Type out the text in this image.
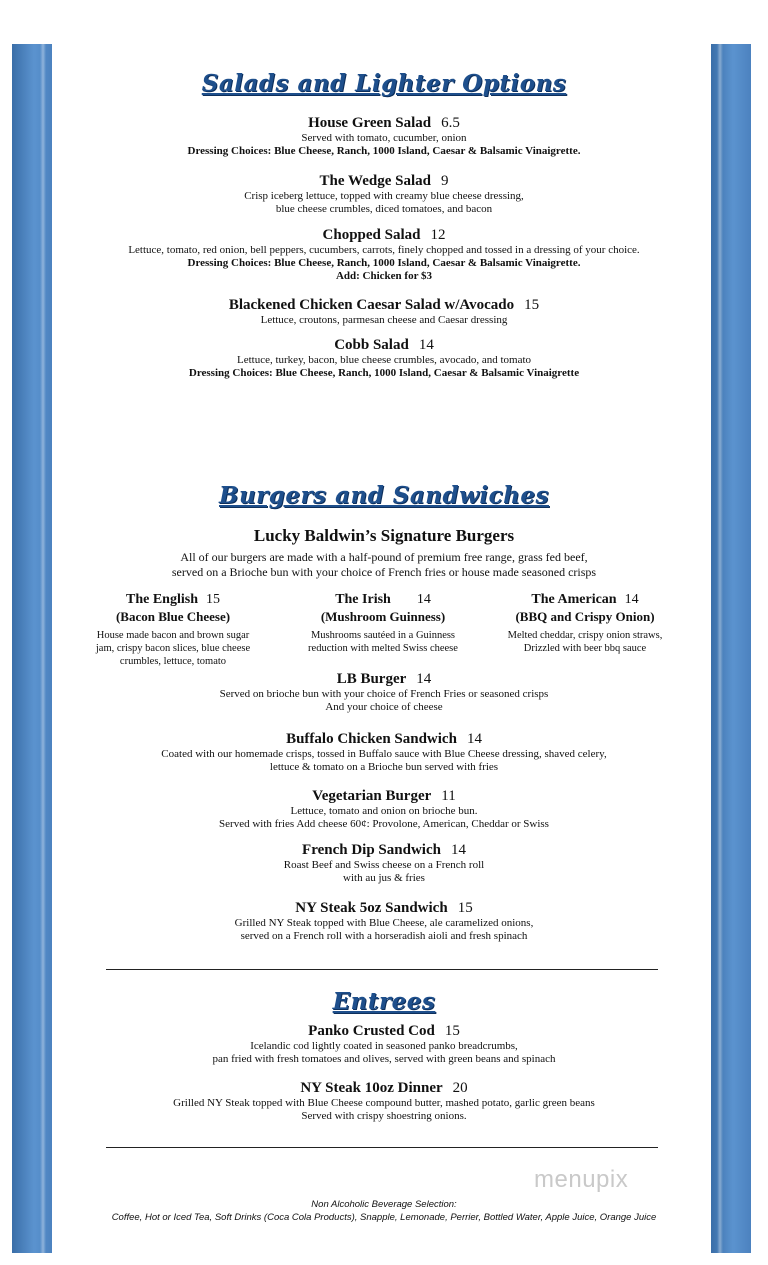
Salads and Lighter Options
House Green Salad 6.5
Served with tomato, cucumber, onion
Dressing Choices: Blue Cheese, Ranch, 1000 Island, Caesar & Balsamic Vinaigrette.
The Wedge Salad 9
Crisp iceberg lettuce, topped with creamy blue cheese dressing,
blue cheese crumbles, diced tomatoes, and bacon
Chopped Salad 12
Lettuce, tomato, red onion, bell peppers, cucumbers, carrots, finely chopped and tossed in a dressing of your choice.
Dressing Choices: Blue Cheese, Ranch, 1000 Island, Caesar & Balsamic Vinaigrette.
Add: Chicken for $3
Blackened Chicken Caesar Salad w/Avocado 15
Lettuce, croutons, parmesan cheese and Caesar dressing
Cobb Salad 14
Lettuce, turkey, bacon, blue cheese crumbles, avocado, and tomato
Dressing Choices: Blue Cheese, Ranch, 1000 Island, Caesar & Balsamic Vinaigrette
Burgers and Sandwiches
Lucky Baldwin’s Signature Burgers
All of our burgers are made with a half-pound of premium free range, grass fed beef,
served on a Brioche bun with your choice of French fries or house made seasoned crisps
The English 15
(Bacon Blue Cheese)
House made bacon and brown sugar
jam, crispy bacon slices, blue cheese
crumbles, lettuce, tomato
The Irish 14
(Mushroom Guinness)
Mushrooms sautéed in a Guinness
reduction with melted Swiss cheese
The American 14
(BBQ and Crispy Onion)
Melted cheddar, crispy onion straws,
Drizzled with beer bbq sauce
LB Burger 14
Served on brioche bun with your choice of French Fries or seasoned crisps
And your choice of cheese
Buffalo Chicken Sandwich 14
Coated with our homemade crisps, tossed in Buffalo sauce with Blue Cheese dressing, shaved celery,
lettuce & tomato on a Brioche bun served with fries
Vegetarian Burger 11
Lettuce, tomato and onion on brioche bun.
Served with fries Add cheese 60¢: Provolone, American, Cheddar or Swiss
French Dip Sandwich 14
Roast Beef and Swiss cheese on a French roll
with au jus & fries
NY Steak 5oz Sandwich 15
Grilled NY Steak topped with Blue Cheese, ale caramelized onions,
served on a French roll with a horseradish aioli and fresh spinach
Entrees
Panko Crusted Cod 15
Icelandic cod lightly coated in seasoned panko breadcrumbs,
pan fried with fresh tomatoes and olives, served with green beans and spinach
NY Steak 10oz Dinner 20
Grilled NY Steak topped with Blue Cheese compound butter, mashed potato, garlic green beans
Served with crispy shoestring onions.
Non Alcoholic Beverage Selection:
Coffee, Hot or Iced Tea, Soft Drinks (Coca Cola Products), Snapple, Lemonade, Perrier, Bottled Water, Apple Juice, Orange Juice
menupix
